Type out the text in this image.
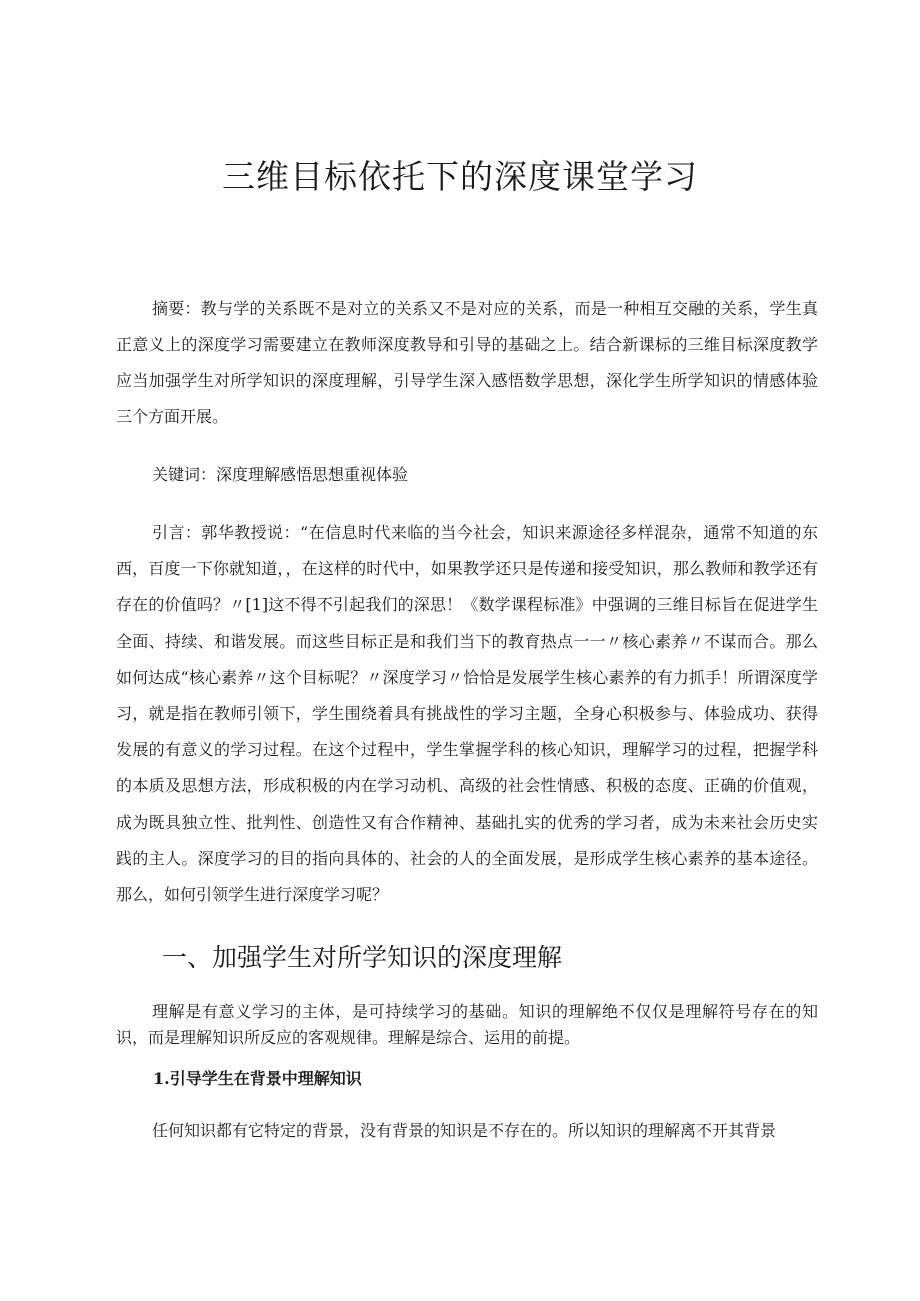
三维目标依托下的深度课堂学习

摘要：教与学的关系既不是对立的关系又不是对应的关系，而是一种相互交融的关系，学生真正意义上的深度学习需要建立在教师深度教导和引导的基础之上。结合新课标的三维目标深度教学应当加强学生对所学知识的深度理解，引导学生深入感悟数学思想，深化学生所学知识的情感体验三个方面开展。

关键词：深度理解感悟思想重视体验

引言：郭华教授说：“在信息时代来临的当今社会，知识来源途径多样混杂，通常不知道的东西，百度一下你就知道，，在这样的时代中，如果教学还只是传递和接受知识，那么教师和教学还有存在的价值吗？〃[1]这不得不引起我们的深思！《数学课程标准》中强调的三维目标旨在促进学生全面、持续、和谐发展。而这些目标正是和我们当下的教育热点一一〃核心素养〃不谋而合。那么如何达成“核心素养〃这个目标呢？〃深度学习〃恰恰是发展学生核心素养的有力抓手！所谓深度学习，就是指在教师引领下，学生围绕着具有挑战性的学习主题，全身心积极参与、体验成功、获得发展的有意义的学习过程。在这个过程中，学生掌握学科的核心知识，理解学习的过程，把握学科的本质及思想方法，形成积极的内在学习动机、高级的社会性情感、积极的态度、正确的价值观，成为既具独立性、批判性、创造性又有合作精神、基础扎实的优秀的学习者，成为未来社会历史实践的主人。深度学习的目的指向具体的、社会的人的全面发展，是形成学生核心素养的基本途径。那么，如何引领学生进行深度学习呢？

一、加强学生对所学知识的深度理解

理解是有意义学习的主体，是可持续学习的基础。知识的理解绝不仅仅是理解符号存在的知识，而是理解知识所反应的客观规律。理解是综合、运用的前提。

1.引导学生在背景中理解知识

任何知识都有它特定的背景，没有背景的知识是不存在的。所以知识的理解离不开其背景
